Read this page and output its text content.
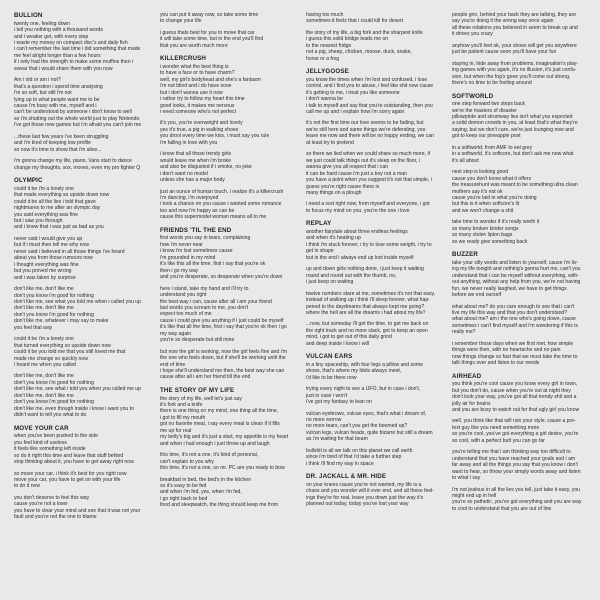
BULLION
twenty one, feeling down
i tell you nothing with a thousand words
and i weaker get, with every step
i waste my money on compact disc's and daily fish
i can't remember the last time i did something that made
me feel alright longer than a few hours
if i only had the strength to make some muffins then i
swear that i would share them with you now
Am i old or am i not?
that's a question i spend time analysing
i'm so soft, but still i'm not
lying up to what people want me to be
cause i'm busy with me, myself and i
can't be understood by someone i don't know to well
so i'm shutting out the whole world just to play Nintendo
i've got those new games but i'm afraid you can't join me
...these last few years i've been struggling
and i'm tired of keeping low profile
so now it's time to show that i'm alive...
i'm gonna change my life, piano, Vans start to dance
change my thoughts, sox, moves, even my pro fighter Q
OLYMPIC
could it be i'm a lonely one
that made everything so upside down now
could it be all the lies i told that gave
nightmares to me after an olympic day
you said everything was fine
but i saw you through
and i knew that i was just as bad as you
never said i would give you up
but if i must then tell me why now
never said i believed in all those things i've heard
about you from those rumours now
i thought everything was fine
but you proved me wrong
and i was taken by surprise
don't like me, don't like me
don't you know i'm good for nothing
don't like me, see what you told me when i called you up
don't like me, don't like me
don't you know i'm good for nothing
don't like me, whatever i may say to make
you feel that way
could it be i'm a lonely one
that turned everything so upside down now
could it be you told me that you still loved me that
made me change so quickly now
i heard me when you called
don't like me, don't like me
don't you know i'm good for nothing
don't like me, see what i told you when you called me up
don't like me, don't like me
don't you know i'm good for nothing
don't like me, even though inside i know i want you to
didn't want to tell you what to do
MOVE YOUR CAR
when you've been pushed to the side
you feel kind of useless
it feels like something left inside
so do it right this time and leave that stuff behind
stop thinking about it, you have to get away right now
so move your car, i think it's best for you right now
move your car, you have to get on with your life
to do it now
you don't deserve to feel this way
cause you're not a loser
you have to clear your mind and see that it was not your
fault and you're not the one to blame
you can put it away now, so take some time
to change your life
i guess thats best for you to move that car
it will take some time, but in the end you'll find
that you are worth much more
KILLERCRUSH
i wonder what the best thing is
to have a face or to have charm?
well, my girl's bodyhead and she's a fantasm
i'm not blind and i do have nose
but i don't wanna use it now
i rather try to follow my heart this time
good looks, it makes me nervous
i need someone who's not perfect
it's you, you're overweight and lovely
yes it's true, a pig in walking shoes
you drool every time we kiss, i must say you rule
i'm falling in love with you
i know that all those trendy girls
would leave me when i'm broke
and also be disgusted if i smoke, no joke
i don't want no model
unless she has a major body
just an ounce of human touch, i realize it's a killercrush
i'm dancing, i'm overjoyed
i took a chance on you cause i wanted some romance
too and now i'm happy as can be
cause this supermodel woman means all to me
FRIENDS 'TIL THE END
first words you say in tears, complaining
how i'm never near
i know i'm lost sometimes cause
i'm grounded in my mind
it's like this all the time, first i say that you're ok
then i go my way
and you're desperate, so desperate when you're down
here i stand, take my hand and i'll try to
understand you right
the best way i can, cause after all i am your friend
last words you scream to me, you don't
expect too much of me
cause i could give you anything if i just could be myself
it's like that all the time, first i say that you're ok then i go
my way again
you're so desperate but still mine
but now the girl is working, now the girl feels fine and i'm
the one who feels down, but if she'll be working until the
end of time
i hope she'll understand me then, the best way she can
cause after all i am her friend till the end
THE STORY OF MY LIFE
the story of my life, well let's just say
it's fork and a knife
there is one thing on my mind, one thing all the time,
i got to fill my mouth
got no favorite meal, i say every meal is clean if it fills
me up for real
my belly's big and it's just a start, my appetite is my heart
and when i had enough i just throw up and laugh
this time, it's not a one, it's kind of personal,
can't explain to you why
this time, it's not a one, so mr. PC are you ready to bow
breakfast in bed, the bed's in the kitchen
so it's easy to be fed
and when i'm fed, yes, when i'm fed,
i go right back to bed
food and sleepwatch, the thing should keep me from
having too much
sometimes it feels that i could kill for desert
the story of my life, a big fork and the sharpest knife
i guess this solid bridge leads me on
to the nearest fridge
not a pig, sheep, chicken, moose, duck, snake,
horse or a frog
JELLYGOOSE
you know the times when i'm lost and confused, i lose
control, and i find you to abuse, i feel like shit now cause
it's getting to me, i treat you like someone
i don't wanna be
i talk to myself and say that you're outstanding, then you
call me up and i explain how i'm sorry again
it's not the first time our love seems to be fading, but
we're still here and same things we're defending, you
leave me now and there will be no happy ending, we can
at least try to pretend
so there we lied when we could share so much more, if
we just could talk things out it's sleep on the floor, i
wanna give you all respect that i can
it can be hard cause i'm just a boy not a man
you have a point when you suggest it's not that simple, i
guess you're right cause there is
many things on a plough
i need a rest right now, from myself and everyone, i got
to focus my mind on you, you're the one i love
REPLAY
another fairytale about three endless feelings
and when it's heating up
i think i'm stuck forever, i try to lose some weight, i try to
get in shape
but in the end i always end up lost inside myself
up and down girls nothing done, i just keep it waiting
round and round out with the thumb, no,
i just keep on waiting
twelve numbers stare at me, sometimes it's not that easy,
instead of walking up i think i'll sleep forever, what hap-
pened to the daydreams that always kept me going?
where the hell are all the dreams i had about my life?
...now, but someday i'll get the time, to get me back on
the right track and no more slack, got to keep an open
mind, i got to get out of this daily grind
and deep inside i know i will
VULCAN EARS
in a tiny spaceship, with four legs a pillow and some
shoes, that's where my Idols always meet,
i'd like to be there now
trying every night to see a UFO, but in case i don't,
just in case i won't
i've got my fantasy to lean on
vulcan eyebrows, vulcan eyes, that's what i dream of,
no more sorrow
no more tears, can't you get the boomed up?
vulcan legs, vulcan heads, quite bizarre but still a dream
as i'm waiting for that beam
bullshit is all we talk on this planet we call earth
since i'm tired of that i'd take a further step
i think i'll find my way in space
DR. JACKALL & MR. HIDE
on your knees cause you're not wanted, my life is a
chaos and you wonder will it ever end, and all these feel-
ings they're for real, leave you down just the way it's
planned out today, today you've lost your way
people grin, behind your back they are talking, they are
say you're doing it the wrong way once again
all these relations you believed in seem to break up and
it drives you crazy
anyhow you'll feel ok, your shoes will get you anywhere
just be patient cause soon you'll have your fun
staying in, hide away from problems, imagination's play-
ing games with you again, it's no illusion, it's just confu-
sion, but when the fog's gone you'll come out strong,
there's no time to be fooling around
SOFTWORLD
one step forward two steps back
we're the masters of disaster
pillowpride and strumway lies isn't what you expected
a solid demon crowds in you, at least that's what they're
saying, but we don't care, we're just lounging now and
got to keep our pineapple post
in a softworld, from AMF to eel grey
in a softworld, it's softcore, but don't ask me now what
it's all about
next step is looking good
cause you don't know what it offers
the treasurehunt was meant to be something ultra clean
mothers say it's not ok
cause you're laid in what you're doing
but this is it when softcore's lit
and we won't change a shit
take time to wonder if it's really worth it
so many broken kinder songs
so many stolen lipton bags
so we ready give something back
BUZZER
take your silly words and listen to yourself, cause i'm liv-
ing my life tonight and nothing's gonna hurt me, can't you
understand that i can be myself without everything, with-
out anything, without any help from you, we're not having
fun, we never really laughed, we have to get things
before we end ourself
what about me? do you care enough to see that i can't
live my life this way and that you don't understand?
what about me? am i the one who's going down, cause
sometimes i can't find myself and i'm wondering if this is
really me?
i remember those days when we first met, how simple
things were then, with no heartache and no pain
now things change so fast that we must take the time to
talk things over and listen to our needs
AIRHEAD
you think you're cool cause you know every girl in town,
but you don't do, cause when you're out at night they
don't look your way, you've got all that trendy shit and a
jolly air for brains
and you are busy to watch out for that ugly girl you know
well, you think like that will ruin your style, cause a pre-
text guy like you need something more
so you're cool, you've got everything a girl desire, you're
so cool, with a perfect butt you can go far
you're telling me that i am thinking way too difficult to
understand that you have reached your goals and i am
far away and all the things you say that you know i don't
want to hear, so throw your simply words away and listen
to what i say
i'm not jealous in all the lies you tell, just take it easy, you
might end up in hell
you're so pathetic, you've got everything and you are way
to cool to understand that you are out of line
